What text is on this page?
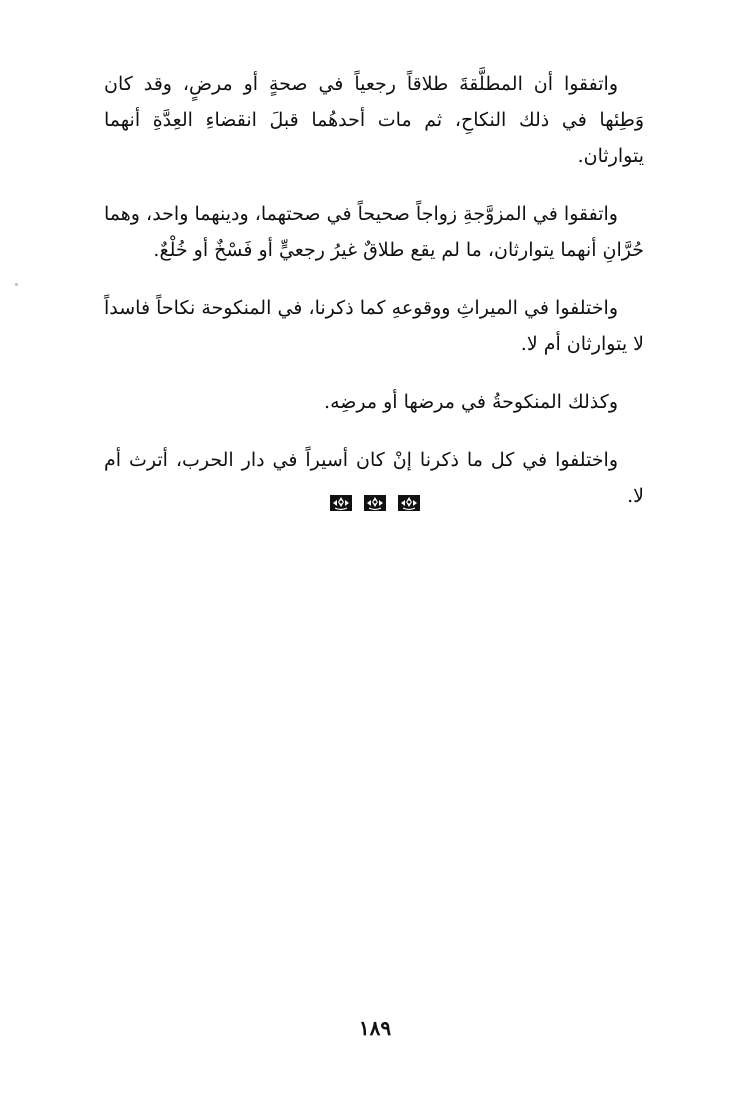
واتفقوا أن المطلَّقةَ طلاقاً رجعياً في صحةٍ أو مرضٍ، وقد كان وَطِئها في ذلك النكاحِ، ثم مات أحدهُما قبلَ انقضاءِ العِدَّةِ أنهما يتوارثان.

واتفقوا في المزوَّجةِ زواجاً صحيحاً في صحتهما، ودينهما واحد، وهما حُرَّانِ أنهما يتوارثان، ما لم يقع طلاقٌ غيرُ رجعيٍّ أو فَسْخٌ أو خُلْعٌ.

واختلفوا في الميراثِ ووقوعهِ كما ذكرنا، في المنكوحة نكاحاً فاسداً لا يتوارثان أم لا.

وكذلك المنكوحةُ في مرضها أو مرضِه.

واختلفوا في كل ما ذكرنا إنْ كان أسيراً في دار الحرب، أترث أم لا.

١٨٩
